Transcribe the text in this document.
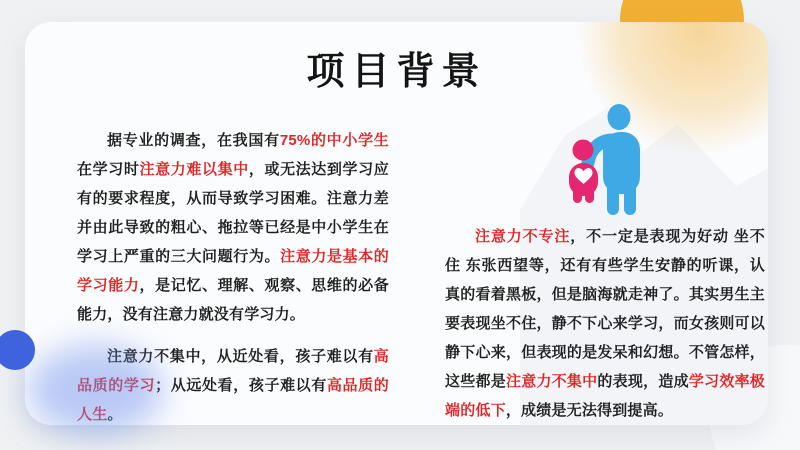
项目背景

据专业的调查，在我国有75%的中小学生在学习时注意力难以集中，或无法达到学习应有的要求程度，从而导致学习困难。注意力差并由此导致的粗心、拖拉等已经是中小学生在学习上严重的三大问题行为。注意力是基本的学习能力，是记忆、理解、观察、思维的必备能力，没有注意力就没有学习力。

注意力不集中，从近处看，孩子难以有高品质的学习；从远处看，孩子难以有高品质的人生。

注意力不专注，不一定是表现为好动 坐不住 东张西望等，还有有些学生安静的听课，认真的看着黑板，但是脑海就走神了。其实男生主要表现坐不住，静不下心来学习，而女孩则可以静下心来，但表现的是发呆和幻想。不管怎样，这些都是注意力不集中的表现，造成学习效率极端的低下，成绩是无法得到提高。
